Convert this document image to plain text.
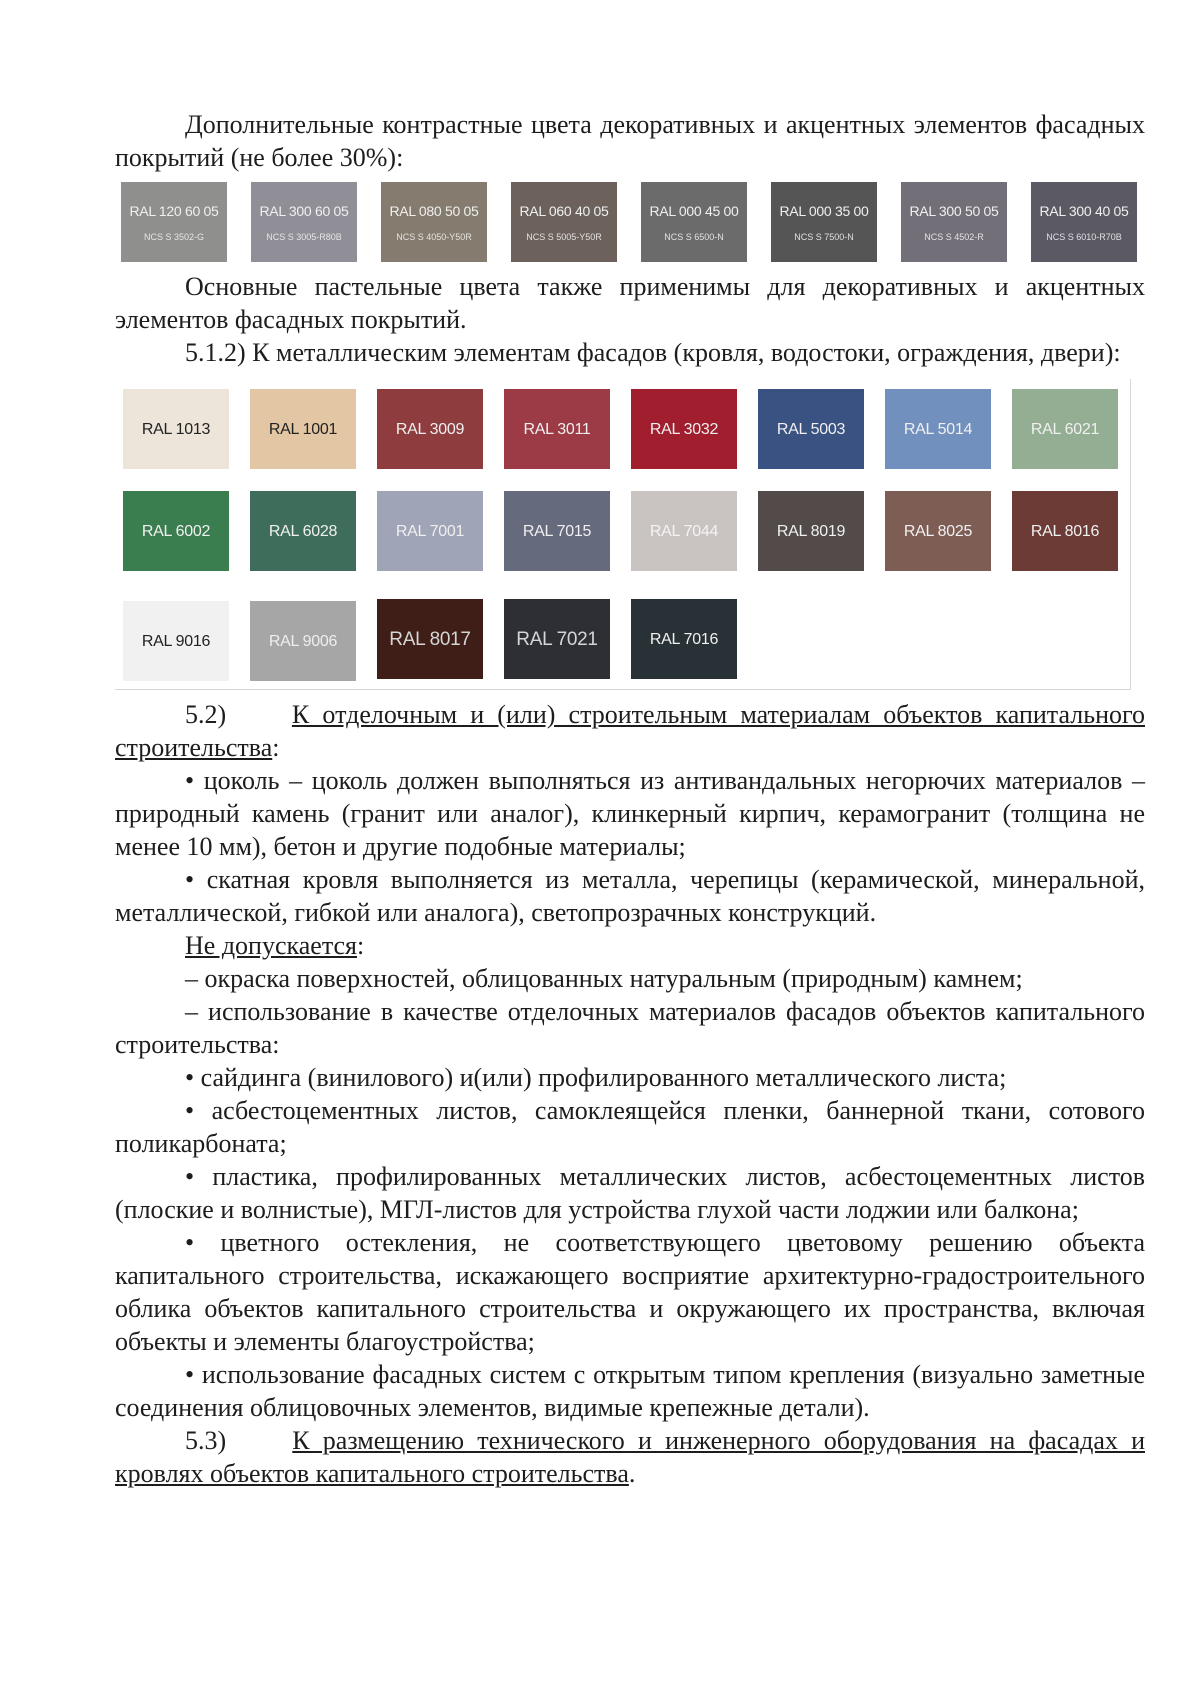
Дополнительные контрастные цвета декоративных и акцентных элементов фасадных покрытий (не более 30%):

RAL 120 60 05
NCS S 3502-G
RAL 300 60 05
NCS S 3005-R80B
RAL 080 50 05
NCS S 4050-Y50R
RAL 060 40 05
NCS S 5005-Y50R
RAL 000 45 00
NCS S 6500-N
RAL 000 35 00
NCS S 7500-N
RAL 300 50 05
NCS S 4502-R
RAL 300 40 05
NCS S 6010-R70B

Основные пастельные цвета также применимы для декоративных и акцентных элементов фасадных покрытий.

5.1.2) К металлическим элементам фасадов (кровля, водостоки, ограждения, двери):

RAL 1013	RAL 1001	RAL 3009	RAL 3011	RAL 3032	RAL 5003	RAL 5014	RAL 6021
RAL 6002	RAL 6028	RAL 7001	RAL 7015	RAL 7044	RAL 8019	RAL 8025	RAL 8016
RAL 9016	RAL 9006	RAL 8017	RAL 7021	RAL 7016

5.2)	К отделочным и (или) строительным материалам объектов капитального строительства:

• цоколь – цоколь должен выполняться из антивандальных негорючих материалов – природный камень (гранит или аналог), клинкерный кирпич, керамогранит (толщина не менее 10 мм), бетон и другие подобные материалы;

• скатная кровля выполняется из металла, черепицы (керамической, минеральной, металлической, гибкой или аналога), светопрозрачных конструкций.

Не допускается:

– окраска поверхностей, облицованных натуральным (природным) камнем;

– использование в качестве отделочных материалов фасадов объектов капитального строительства:

• сайдинга (винилового) и(или) профилированного металлического листа;

• асбестоцементных листов, самоклеящейся пленки, баннерной ткани, сотового поликарбоната;

• пластика, профилированных металлических листов, асбестоцементных листов (плоские и волнистые), МГЛ-листов для устройства глухой части лоджии или балкона;

• цветного остекления, не соответствующего цветовому решению объекта капитального строительства, искажающего восприятие архитектурно-градостроительного облика объектов капитального строительства и окружающего их пространства, включая объекты и элементы благоустройства;

• использование фасадных систем с открытым типом крепления (визуально заметные соединения облицовочных элементов, видимые крепежные детали).

5.3)	К размещению технического и инженерного оборудования на фасадах и кровлях объектов капитального строительства.
